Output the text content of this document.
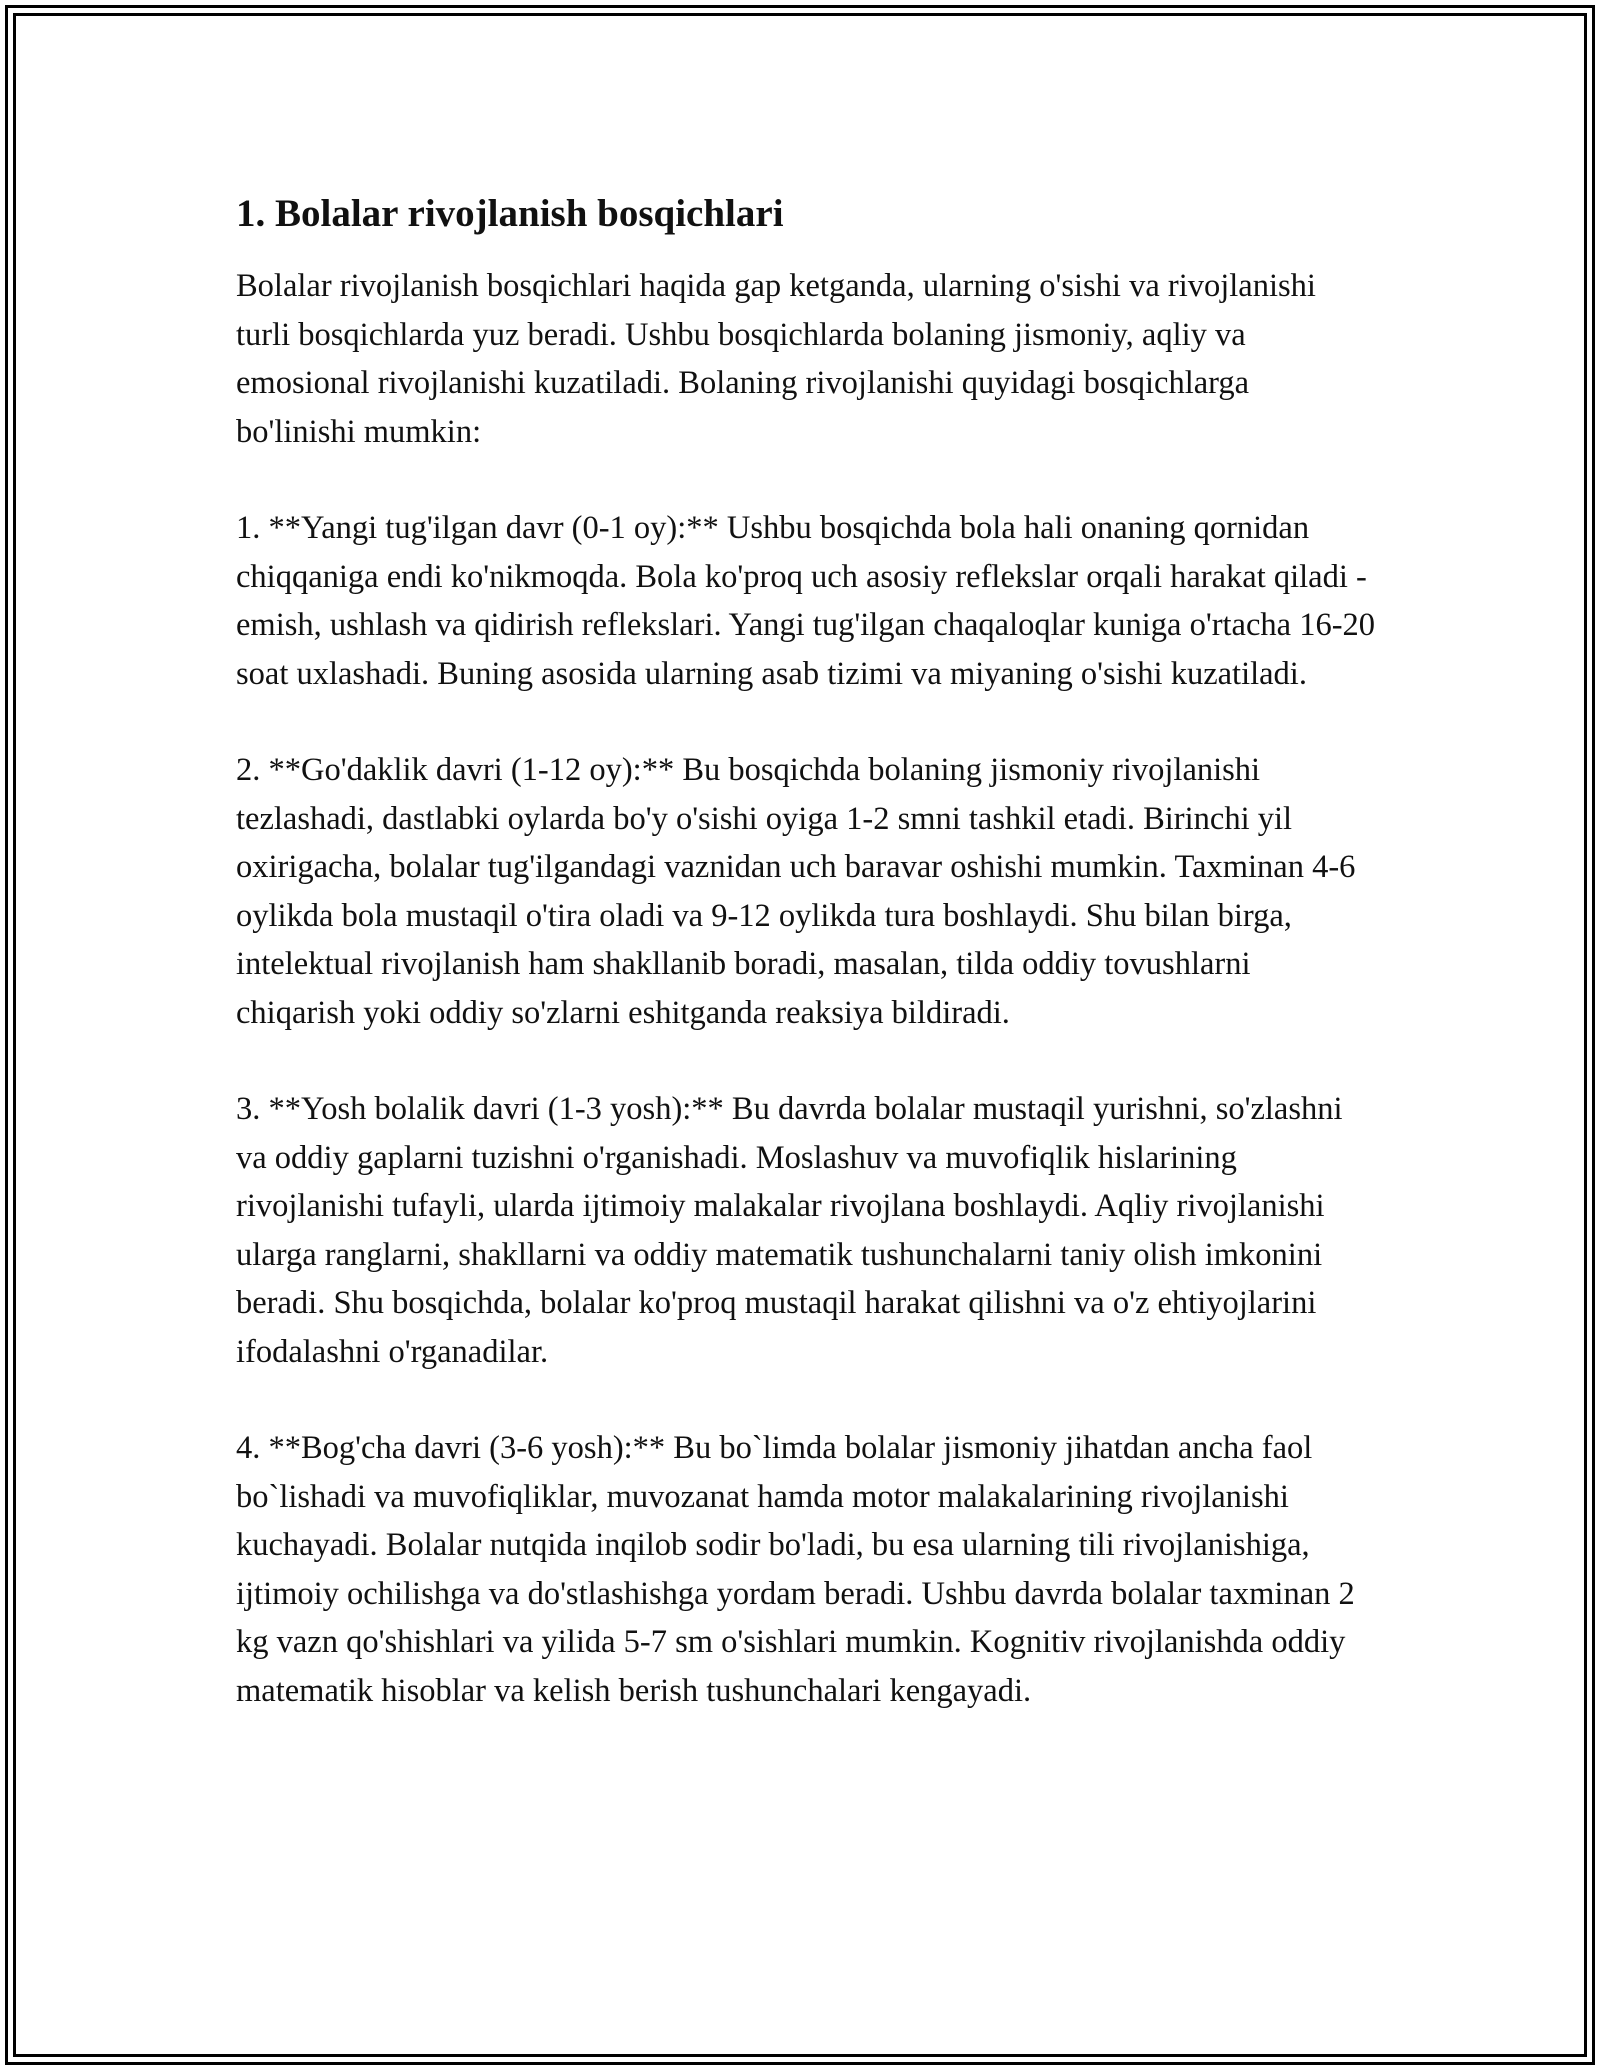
1. Bolalar rivojlanish bosqichlari

Bolalar rivojlanish bosqichlari haqida gap ketganda, ularning o'sishi va rivojlanishi turli bosqichlarda yuz beradi. Ushbu bosqichlarda bolaning jismoniy, aqliy va emosional rivojlanishi kuzatiladi. Bolaning rivojlanishi quyidagi bosqichlarga bo'linishi mumkin:

1. **Yangi tug'ilgan davr (0-1 oy):** Ushbu bosqichda bola hali onaning qornidan chiqqaniga endi ko'nikmoqda. Bola ko'proq uch asosiy reflekslar orqali harakat qiladi - emish, ushlash va qidirish reflekslari. Yangi tug'ilgan chaqaloqlar kuniga o'rtacha 16-20 soat uxlashadi. Buning asosida ularning asab tizimi va miyaning o'sishi kuzatiladi.

2. **Go'daklik davri (1-12 oy):** Bu bosqichda bolaning jismoniy rivojlanishi tezlashadi, dastlabki oylarda bo'y o'sishi oyiga 1-2 smni tashkil etadi. Birinchi yil oxirigacha, bolalar tug'ilgandagi vaznidan uch baravar oshishi mumkin. Taxminan 4-6 oylikda bola mustaqil o'tira oladi va 9-12 oylikda tura boshlaydi. Shu bilan birga, intelektual rivojlanish ham shakllanib boradi, masalan, tilda oddiy tovushlarni chiqarish yoki oddiy so'zlarni eshitganda reaksiya bildiradi.

3. **Yosh bolalik davri (1-3 yosh):** Bu davrda bolalar mustaqil yurishni, so'zlashni va oddiy gaplarni tuzishni o'rganishadi. Moslashuv va muvofiqlik hislarining rivojlanishi tufayli, ularda ijtimoiy malakalar rivojlana boshlaydi. Aqliy rivojlanishi ularga ranglarni, shakllarni va oddiy matematik tushunchalarni taniy olish imkonini beradi. Shu bosqichda, bolalar ko'proq mustaqil harakat qilishni va o'z ehtiyojlarini ifodalashni o'rganadilar.

4. **Bog'cha davri (3-6 yosh):** Bu bo`limda bolalar jismoniy jihatdan ancha faol bo`lishadi va muvofiqliklar, muvozanat hamda motor malakalarining rivojlanishi kuchayadi. Bolalar nutqida inqilob sodir bo'ladi, bu esa ularning tili rivojlanishiga, ijtimoiy ochilishga va do'stlashishga yordam beradi. Ushbu davrda bolalar taxminan 2 kg vazn qo'shishlari va yilida 5-7 sm o'sishlari mumkin. Kognitiv rivojlanishda oddiy matematik hisoblar va kelish berish tushunchalari kengayadi.
